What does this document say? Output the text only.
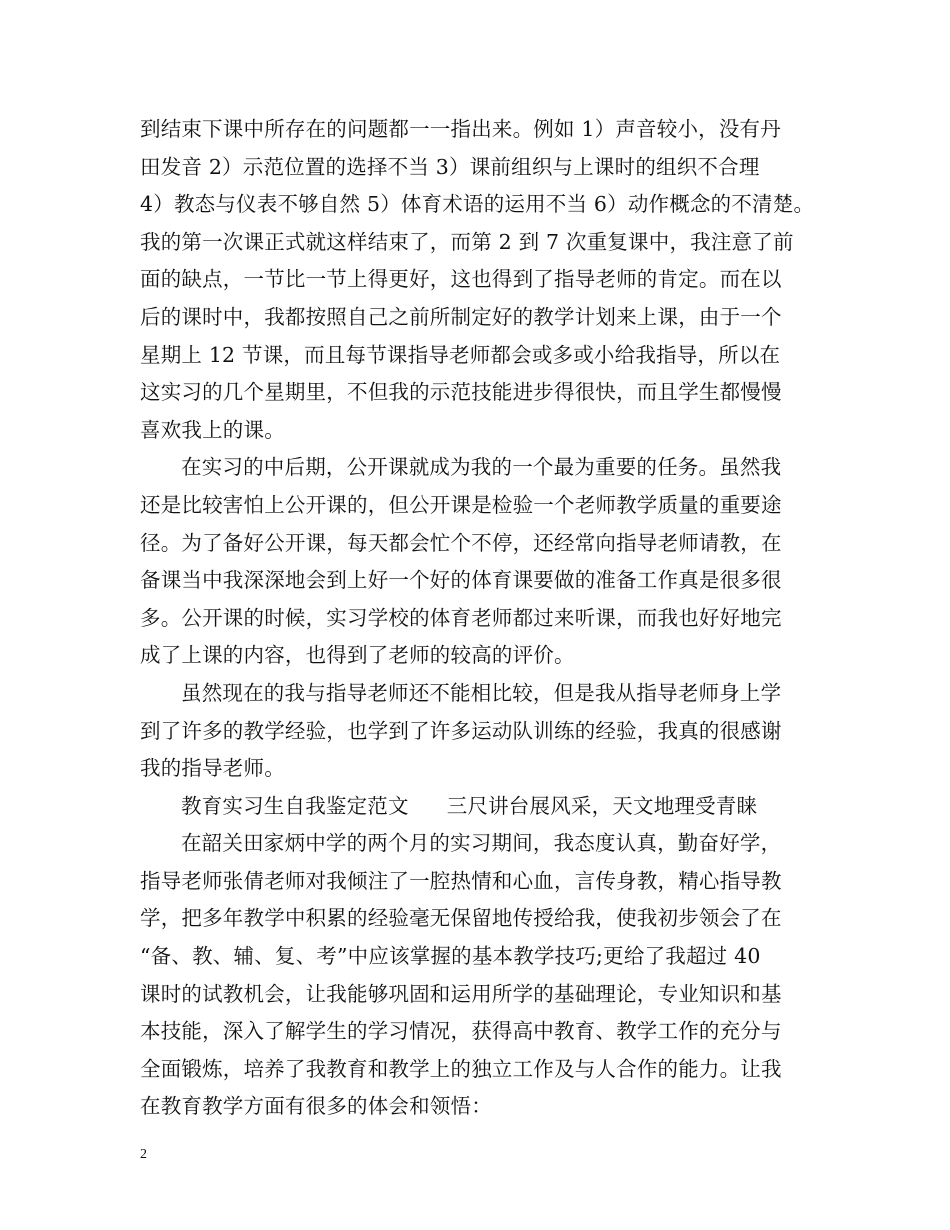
到结束下课中所存在的问题都一一指出来。例如 1）声音较小，没有丹
田发音 2）示范位置的选择不当 3）课前组织与上课时的组织不合理
4）教态与仪表不够自然 5）体育术语的运用不当 6）动作概念的不清楚。
我的第一次课正式就这样结束了，而第 2 到 7 次重复课中，我注意了前
面的缺点，一节比一节上得更好，这也得到了指导老师的肯定。而在以
后的课时中，我都按照自己之前所制定好的教学计划来上课，由于一个
星期上 12 节课，而且每节课指导老师都会或多或小给我指导，所以在
这实习的几个星期里，不但我的示范技能进步得很快，而且学生都慢慢
喜欢我上的课。
在实习的中后期，公开课就成为我的一个最为重要的任务。虽然我
还是比较害怕上公开课的，但公开课是检验一个老师教学质量的重要途
径。为了备好公开课，每天都会忙个不停，还经常向指导老师请教，在
备课当中我深深地会到上好一个好的体育课要做的准备工作真是很多很
多。公开课的时候，实习学校的体育老师都过来听课，而我也好好地完
成了上课的内容，也得到了老师的较高的评价。
虽然现在的我与指导老师还不能相比较，但是我从指导老师身上学
到了许多的教学经验，也学到了许多运动队训练的经验，我真的很感谢
我的指导老师。
教育实习生自我鉴定范文 三尺讲台展风采，天文地理受青睐
在韶关田家炳中学的两个月的实习期间，我态度认真，勤奋好学，
指导老师张倩老师对我倾注了一腔热情和心血，言传身教，精心指导教
学，把多年教学中积累的经验毫无保留地传授给我，使我初步领会了在
“备、教、辅、复、考”中应该掌握的基本教学技巧;更给了我超过 40
课时的试教机会，让我能够巩固和运用所学的基础理论，专业知识和基
本技能，深入了解学生的学习情况，获得高中教育、教学工作的充分与
全面锻炼，培养了我教育和教学上的独立工作及与人合作的能力。让我
在教育教学方面有很多的体会和领悟：
2
